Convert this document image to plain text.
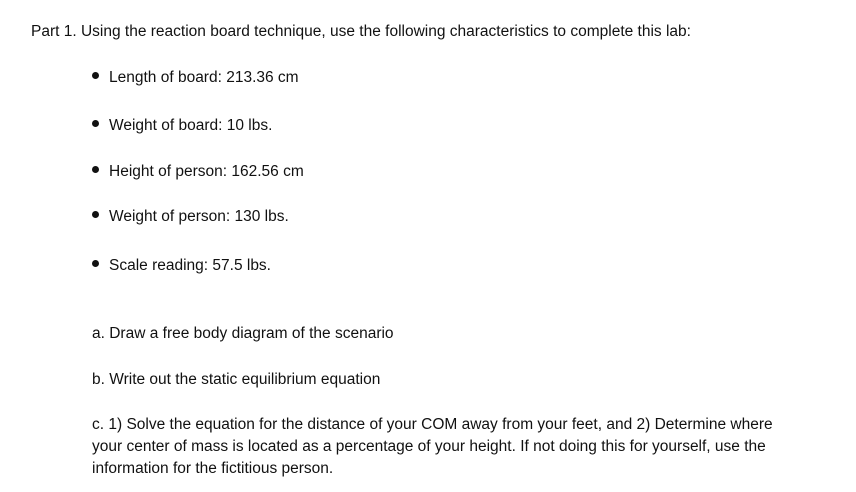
Part 1. Using the reaction board technique, use the following characteristics to complete this lab:
Length of board: 213.36 cm
Weight of board: 10 lbs.
Height of person: 162.56 cm
Weight of person: 130 lbs.
Scale reading: 57.5 lbs.
a. Draw a free body diagram of the scenario
b. Write out the static equilibrium equation
c. 1) Solve the equation for the distance of your COM away from your feet, and 2) Determine where your center of mass is located as a percentage of your height. If not doing this for yourself, use the information for the fictitious person.
